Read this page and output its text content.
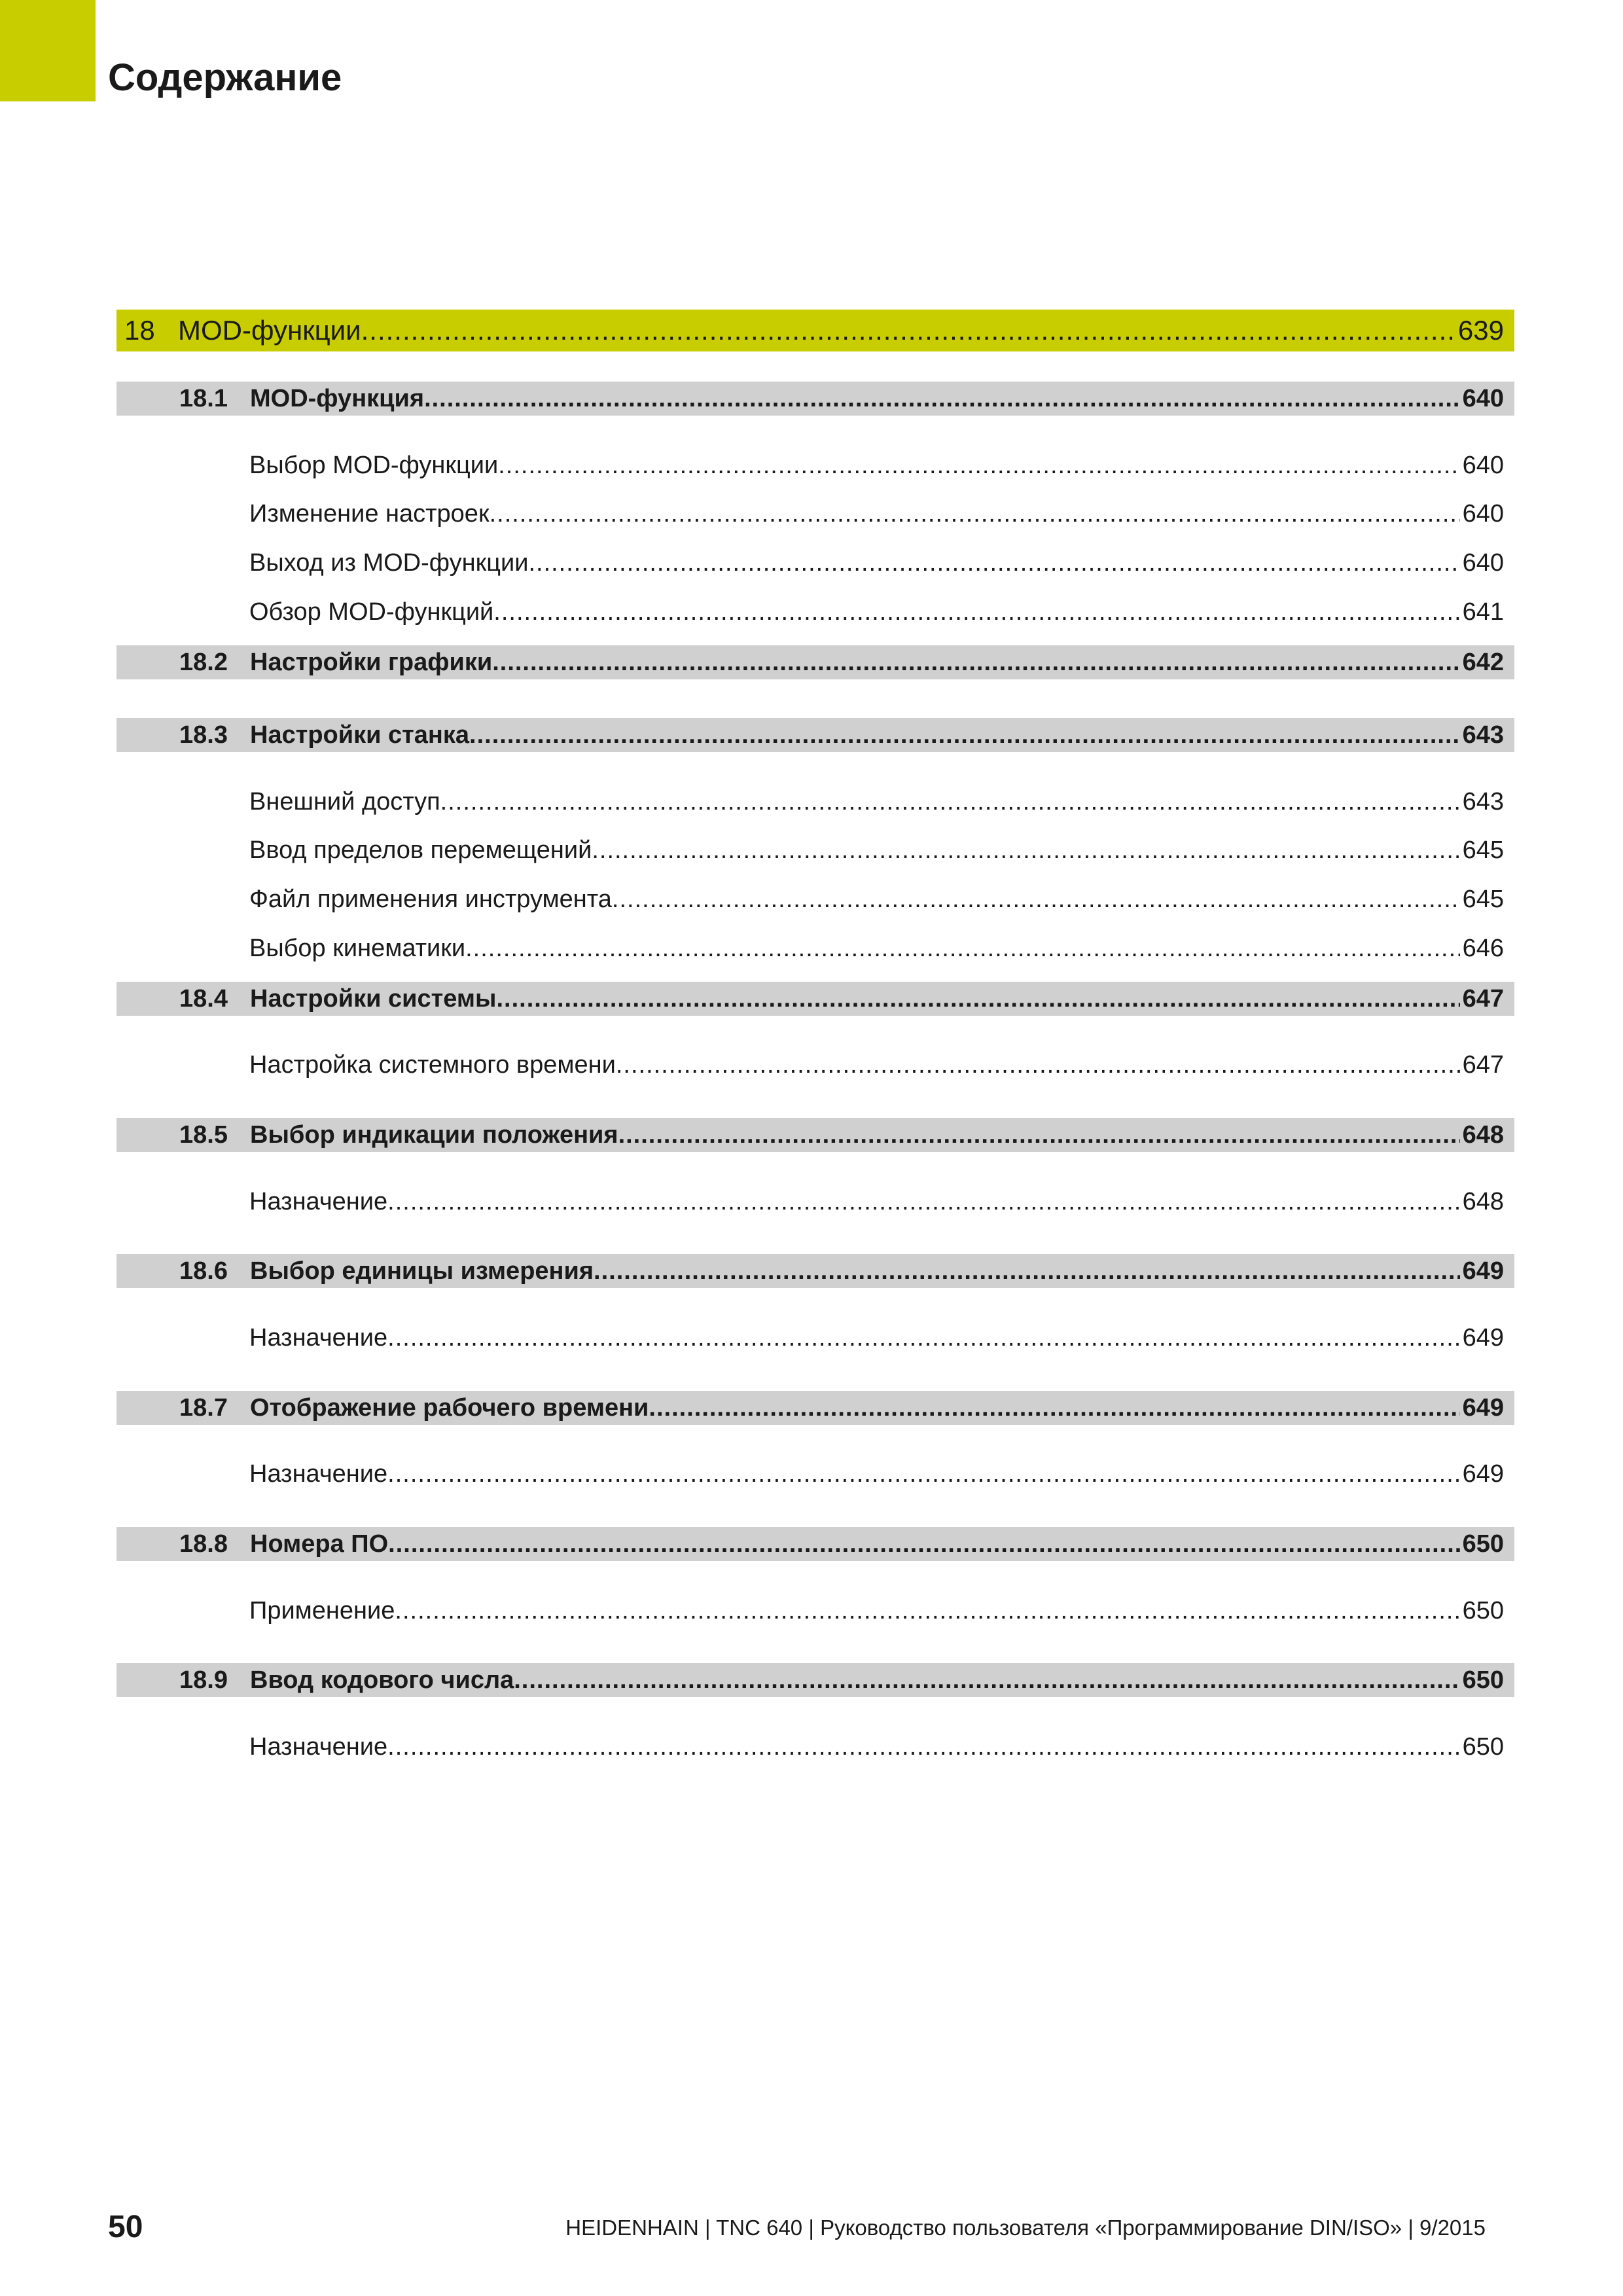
Содержание
18 MOD-функции .....	639
18.1 MOD-функция .....	640
Выбор MOD-функции .....	640
Изменение настроек .....	640
Выход из MOD-функции .....	640
Обзор MOD-функций .....	641
18.2 Настройки графики .....	642
18.3 Настройки станка .....	643
Внешний доступ .....	643
Ввод пределов перемещений .....	645
Файл применения инструмента .....	645
Выбор кинематики .....	646
18.4 Настройки системы .....	647
Настройка системного времени .....	647
18.5 Выбор индикации положения .....	648
Назначение .....	648
18.6 Выбор единицы измерения .....	649
Назначение .....	649
18.7 Отображение рабочего времени .....	649
Назначение .....	649
18.8 Номера ПО .....	650
Применение .....	650
18.9 Ввод кодового числа .....	650
Назначение .....	650
50	HEIDENHAIN | TNC 640 | Руководство пользователя «Программирование DIN/ISO» | 9/2015
